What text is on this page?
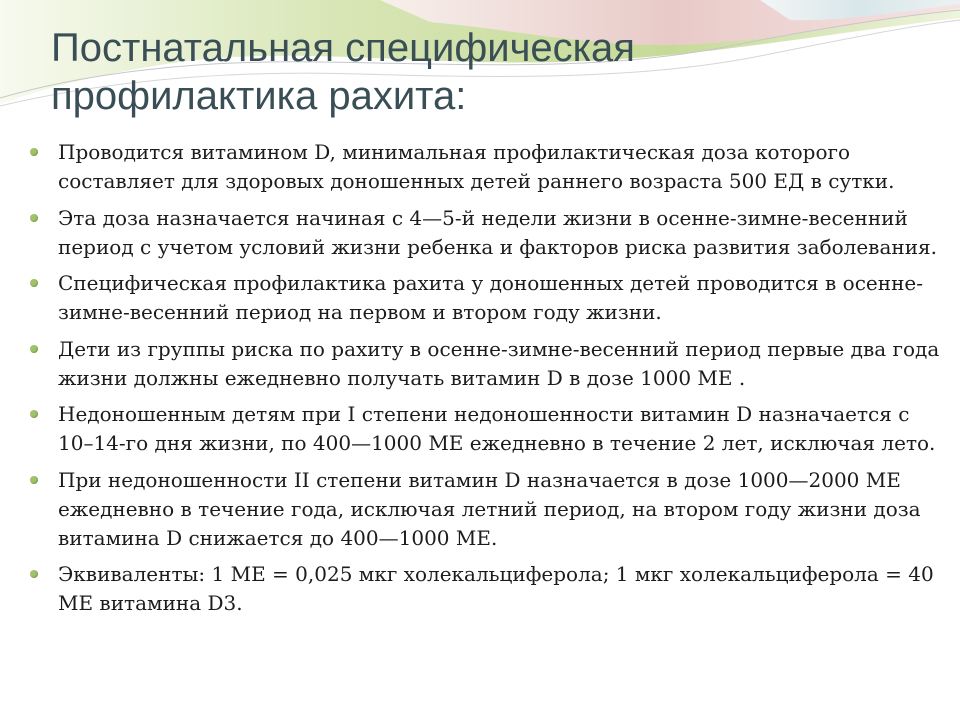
Постнатальная специфическая профилактика рахита:
Проводится витамином D, минимальная профилактическая доза которого составляет для здоровых доношенных детей раннего возраста 500 ЕД в сутки.
Эта доза назначается начиная с 4—5-й недели жизни в осенне-зимне-весенний период с учетом условий жизни ребенка и факторов риска развития заболевания.
Специфическая профилактика рахита у доношенных детей проводится в осенне- зимне-весенний период на первом и втором году жизни.
Дети из группы риска по рахиту в осенне-зимне-весенний период первые два года жизни должны ежедневно получать витамин D в дозе 1000 МЕ .
Недоношенным детям при I степени недоношенности витамин D назначается с 10–14-го дня жизни, по 400—1000 МЕ ежедневно в течение 2 лет, исключая лето.
При недоношенности II степени витамин D назначается в дозе 1000—2000 МЕ ежедневно в течение года, исключая летний период, на втором году жизни доза витамина D снижается до 400—1000 МЕ.
Эквиваленты: 1 МЕ = 0,025 мкг холекальциферола; 1 мкг холекальциферола = 40 МЕ витамина D3.
